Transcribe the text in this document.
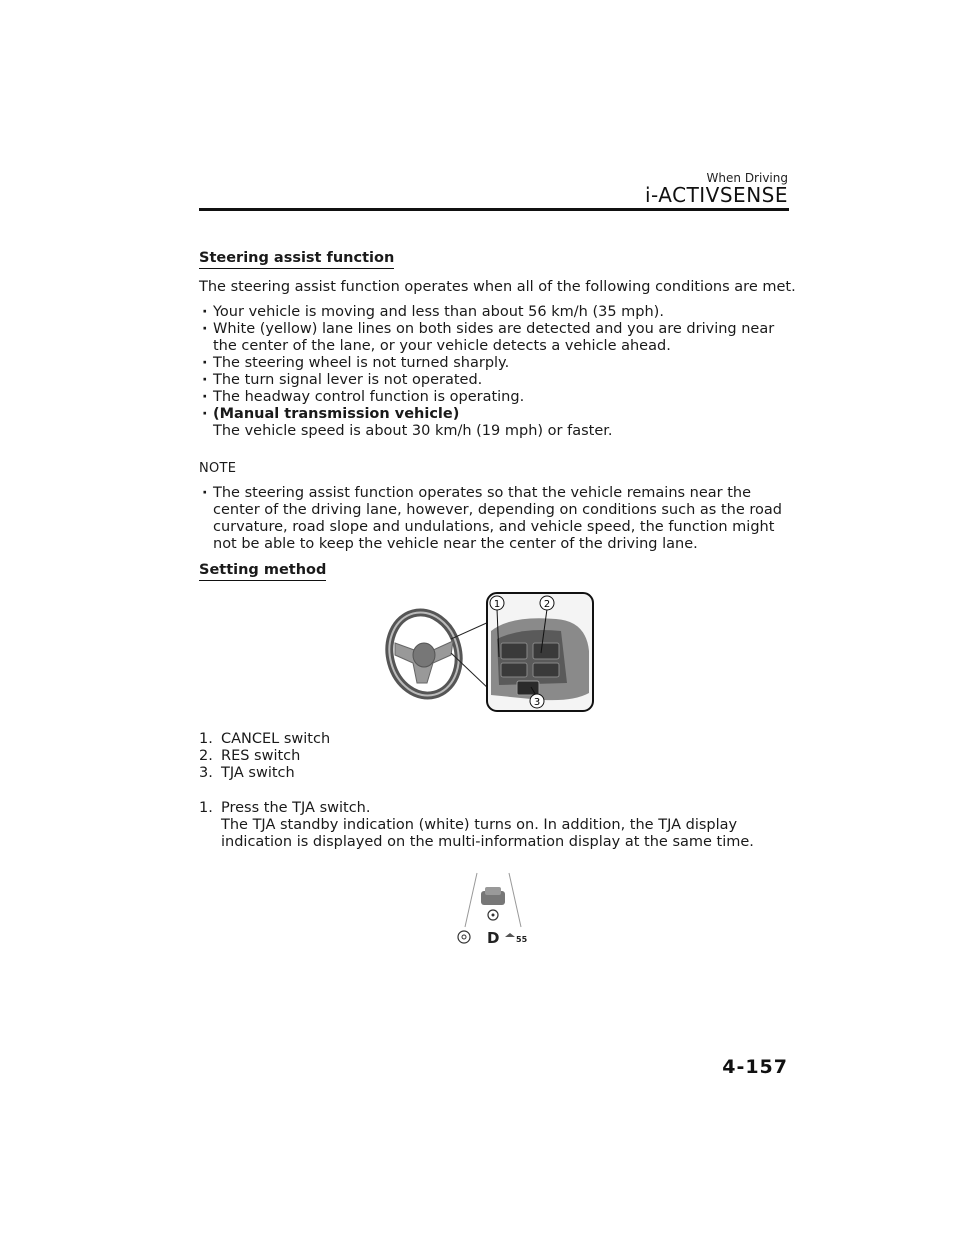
When Driving
i-ACTIVSENSE
Steering assist function

The steering assist function operates when all of the following conditions are met.

· Your vehicle is moving and less than about 56 km/h (35 mph).
· White (yellow) lane lines on both sides are detected and you are driving near the center of the lane, or your vehicle detects a vehicle ahead.
· The steering wheel is not turned sharply.
· The turn signal lever is not operated.
· The headway control function is operating.
· (Manual transmission vehicle)
The vehicle speed is about 30 km/h (19 mph) or faster.
NOTE
· The steering assist function operates so that the vehicle remains near the center of the driving lane, however, depending on conditions such as the road curvature, road slope and undulations, and vehicle speed, the function might not be able to keep the vehicle near the center of the driving lane.
Setting method
1	2
3
1. CANCEL switch
2. RES switch
3. TJA switch
1. Press the TJA switch.
The TJA standby indication (white) turns on. In addition, the TJA display indication is displayed on the multi-information display at the same time.
D 55
4-157
